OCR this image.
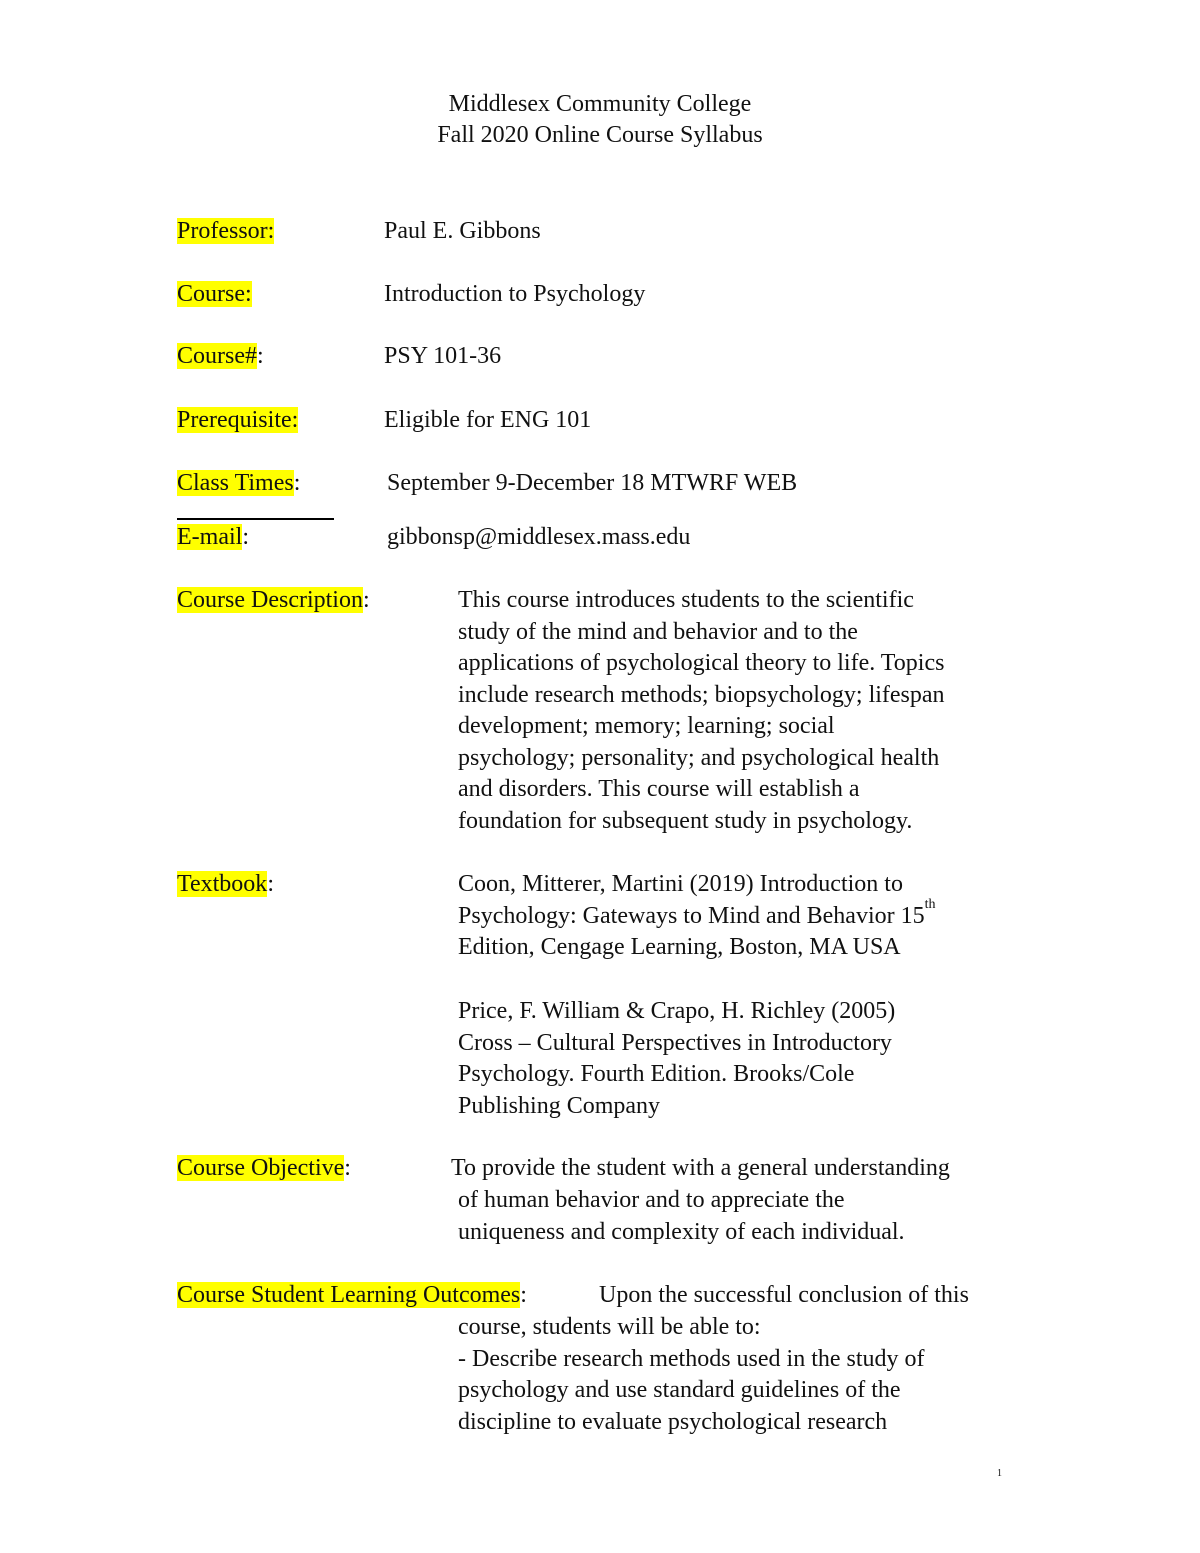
Middlesex Community College
Fall 2020 Online Course Syllabus
Professor:	Paul E. Gibbons
Course:	Introduction to Psychology
Course#:	PSY 101-36
Prerequisite:	Eligible for ENG 101
Class Times:	September 9-December 18 MTWRF WEB
E-mail:	gibbonsp@middlesex.mass.edu
Course Description:	This course introduces students to the scientific
study of the mind and behavior and to the
applications of psychological theory to life. Topics
include research methods; biopsychology; lifespan
development; memory; learning; social
psychology; personality; and psychological health
and disorders. This course will establish a
foundation for subsequent study in psychology.
Textbook:	Coon, Mitterer, Martini (2019) Introduction to
Psychology: Gateways to Mind and Behavior 15th
Edition, Cengage Learning, Boston, MA USA
Price, F. William & Crapo, H. Richley (2005)
Cross – Cultural Perspectives in Introductory
Psychology. Fourth Edition. Brooks/Cole
Publishing Company
Course Objective:	To provide the student with a general understanding
of human behavior and to appreciate the
uniqueness and complexity of each individual.
Course Student Learning Outcomes:	Upon the successful conclusion of this
course, students will be able to:
- Describe research methods used in the study of
psychology and use standard guidelines of the
discipline to evaluate psychological research
1
